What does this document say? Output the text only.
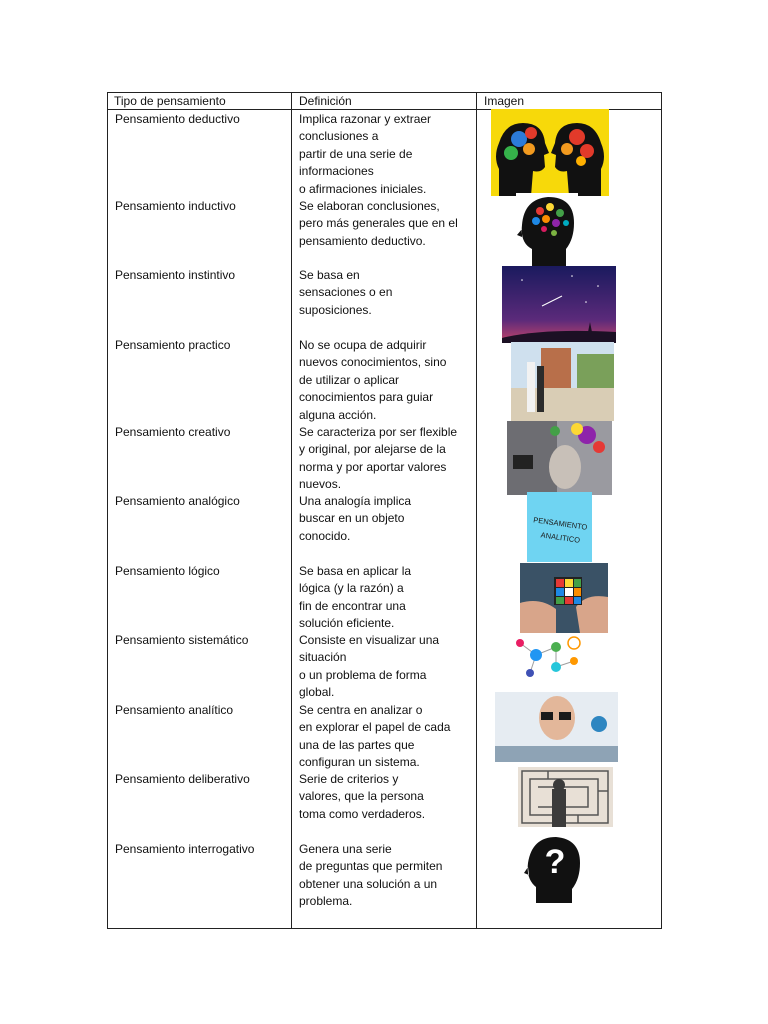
Tipo de pensamiento	Definición	Imagen
Pensamiento deductivo	Implica razonar y extraer
conclusiones a
partir de una serie de
informaciones
o afirmaciones iniciales.
Pensamiento inductivo	Se elaboran conclusiones,
pero más generales que en el
pensamiento deductivo.
Pensamiento instintivo	Se basa en
sensaciones o en
suposiciones.
Pensamiento practico	No se ocupa de adquirir
nuevos conocimientos, sino
de utilizar o aplicar
conocimientos para guiar
alguna acción.
Pensamiento creativo	Se caracteriza por ser flexible
y original, por alejarse de la
norma y por aportar valores
nuevos.
Pensamiento analógico	Una analogía implica
buscar en un objeto
conocido.
Pensamiento lógico	Se basa en aplicar la
lógica (y la razón) a
fin de encontrar una
solución eficiente.
Pensamiento sistemático	Consiste en visualizar una
situación
o un problema de forma
global.
Pensamiento analítico	Se centra en analizar o
en explorar el papel de cada
una de las partes que
configuran un sistema.
Pensamiento deliberativo	Serie de criterios y
valores, que la persona
toma como verdaderos.
Pensamiento interrogativo	Genera una serie
de preguntas que permiten
obtener una solución a un
problema.
PENSAMIENTO
ANALITICO
?
